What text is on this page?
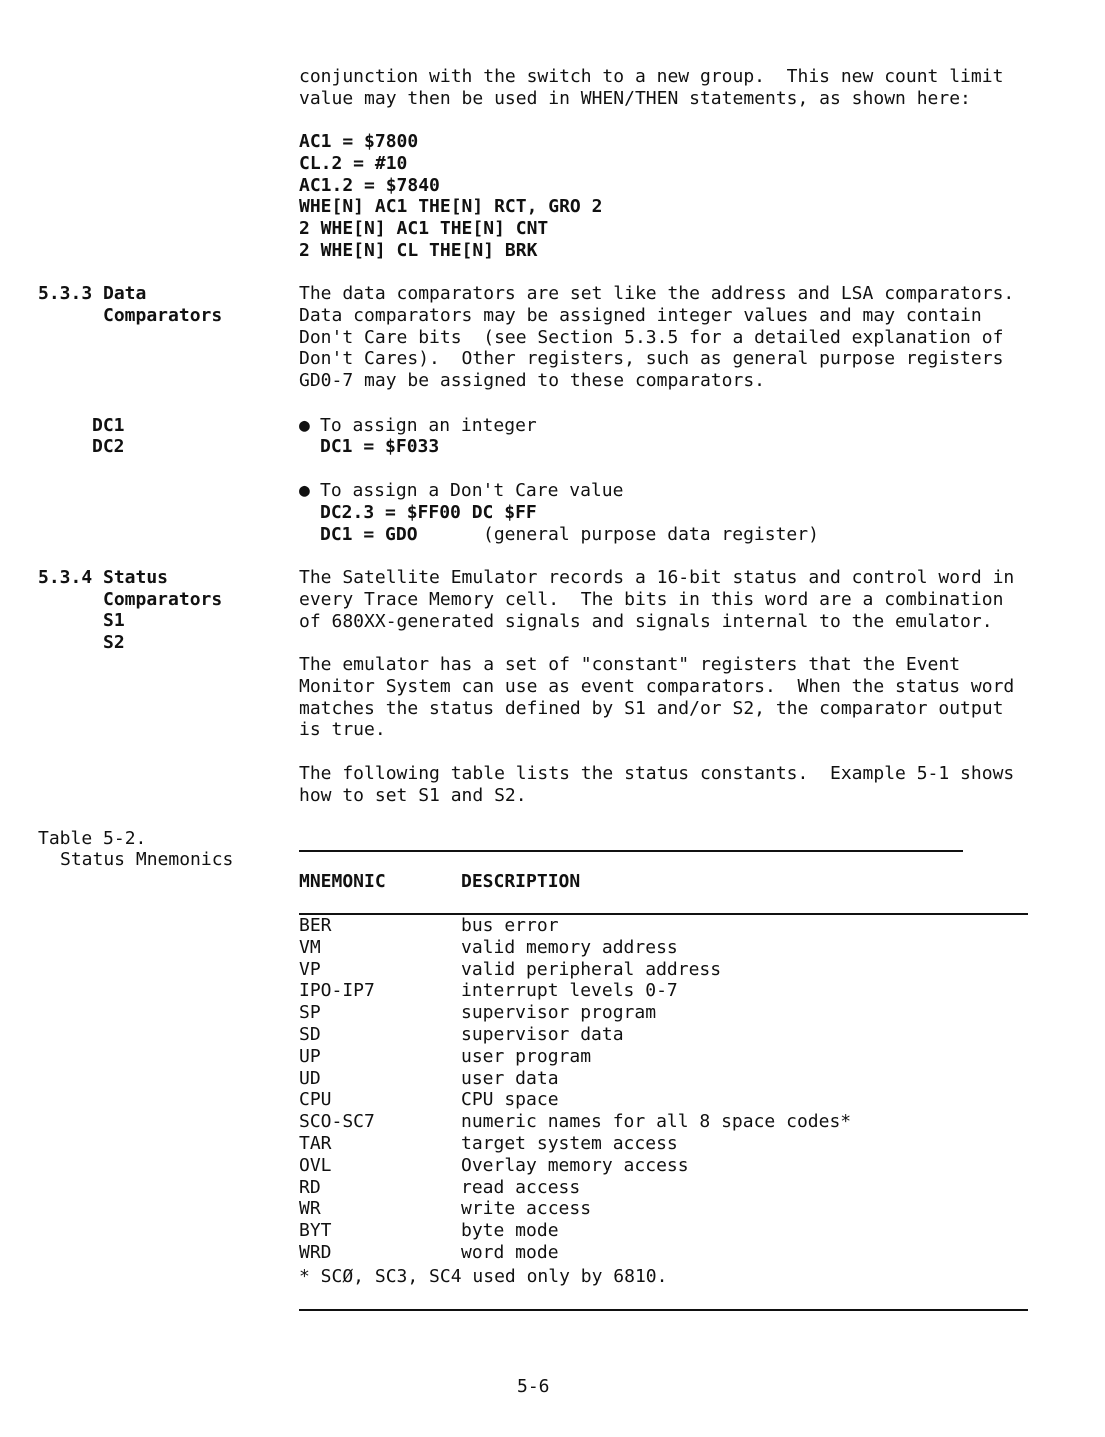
conjunction with the switch to a new group.  This new count limit
value may then be used in WHEN/THEN statements, as shown here:
AC1 = $7800
CL.2 = #10
AC1.2 = $7840
WHE[N] AC1 THE[N] RCT, GRO 2
2 WHE[N] AC1 THE[N] CNT
2 WHE[N] CL THE[N] BRK
5.3.3 Data
Comparators
The data comparators are set like the address and LSA comparators.
Data comparators may be assigned integer values and may contain
Don't Care bits  (see Section 5.3.5 for a detailed explanation of
Don't Cares).  Other registers, such as general purpose registers
GD0-7 may be assigned to these comparators.
DC1
DC2
● To assign an integer
DC1 = $F033
● To assign a Don't Care value
DC2.3 = $FF00 DC $FF
DC1 = GDO	(general purpose data register)
5.3.4 Status
Comparators
S1
S2
The Satellite Emulator records a 16-bit status and control word in
every Trace Memory cell.  The bits in this word are a combination
of 680XX-generated signals and signals internal to the emulator.
The emulator has a set of "constant" registers that the Event
Monitor System can use as event comparators.  When the status word
matches the status defined by S1 and/or S2, the comparator output
is true.
The following table lists the status constants.  Example 5-1 shows
how to set S1 and S2.
Table 5-2.
Status Mnemonics
MNEMONIC	DESCRIPTION
BER
VM
VP
IPO-IP7
SP
SD
UP
UD
CPU
SCO-SC7
TAR
OVL
RD
WR
BYT
WRD
bus error
valid memory address
valid peripheral address
interrupt levels 0-7
supervisor program
supervisor data
user program
user data
CPU space
numeric names for all 8 space codes*
target system access
Overlay memory access
read access
write access
byte mode
word mode
* SCØ, SC3, SC4 used only by 6810.
5-6
